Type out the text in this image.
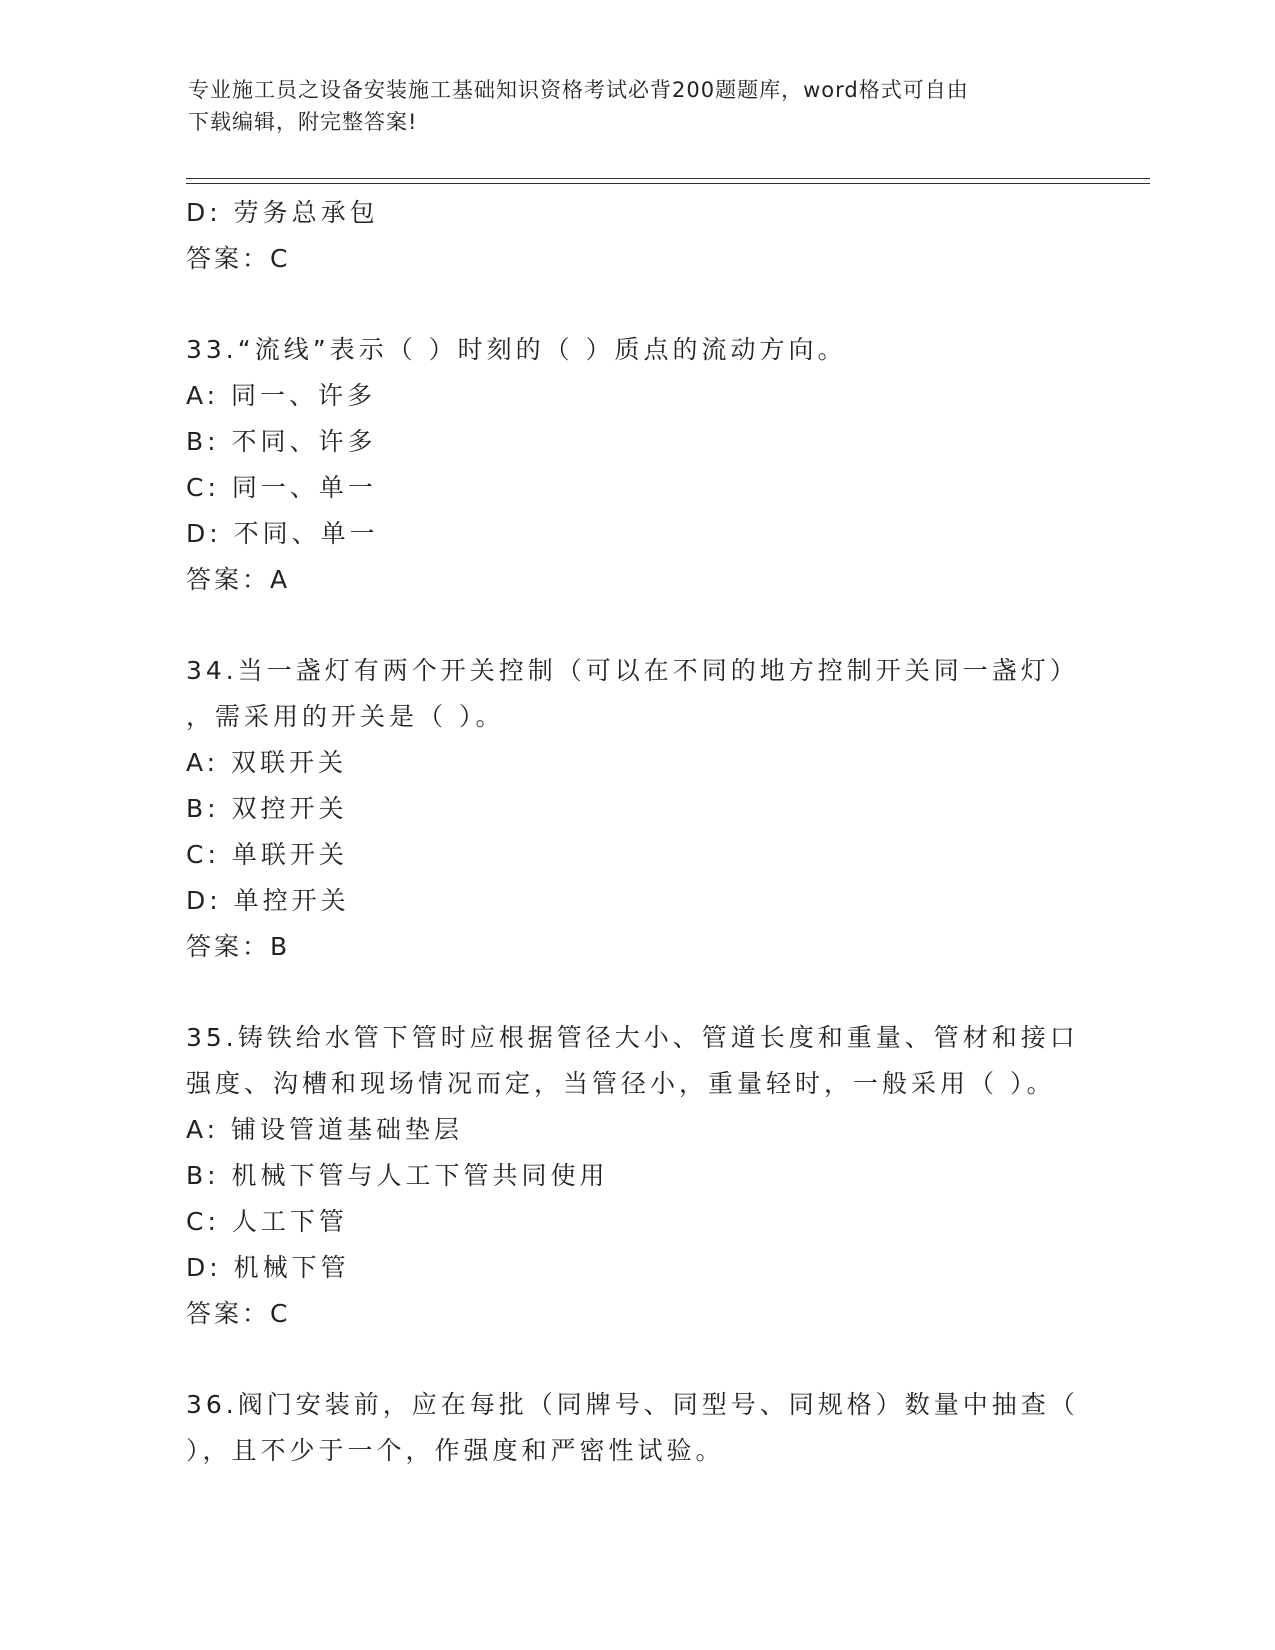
专业施工员之设备安装施工基础知识资格考试必背200题题库，word格式可自由
下载编辑，附完整答案!
D: 劳务总承包
答案：C
33.“流线”表示（ ）时刻的（ ）质点的流动方向。
A: 同一、许多
B: 不同、许多
C: 同一、单一
D: 不同、单一
答案：A
34.当一盏灯有两个开关控制（可以在不同的地方控制开关同一盏灯）
，需采用的开关是（ ）。
A: 双联开关
B: 双控开关
C: 单联开关
D: 单控开关
答案：B
35.铸铁给水管下管时应根据管径大小、管道长度和重量、管材和接口
强度、沟槽和现场情况而定，当管径小，重量轻时，一般采用（ ）。
A: 铺设管道基础垫层
B: 机械下管与人工下管共同使用
C: 人工下管
D: 机械下管
答案：C
36.阀门安装前，应在每批（同牌号、同型号、同规格）数量中抽查（
），且不少于一个，作强度和严密性试验。
